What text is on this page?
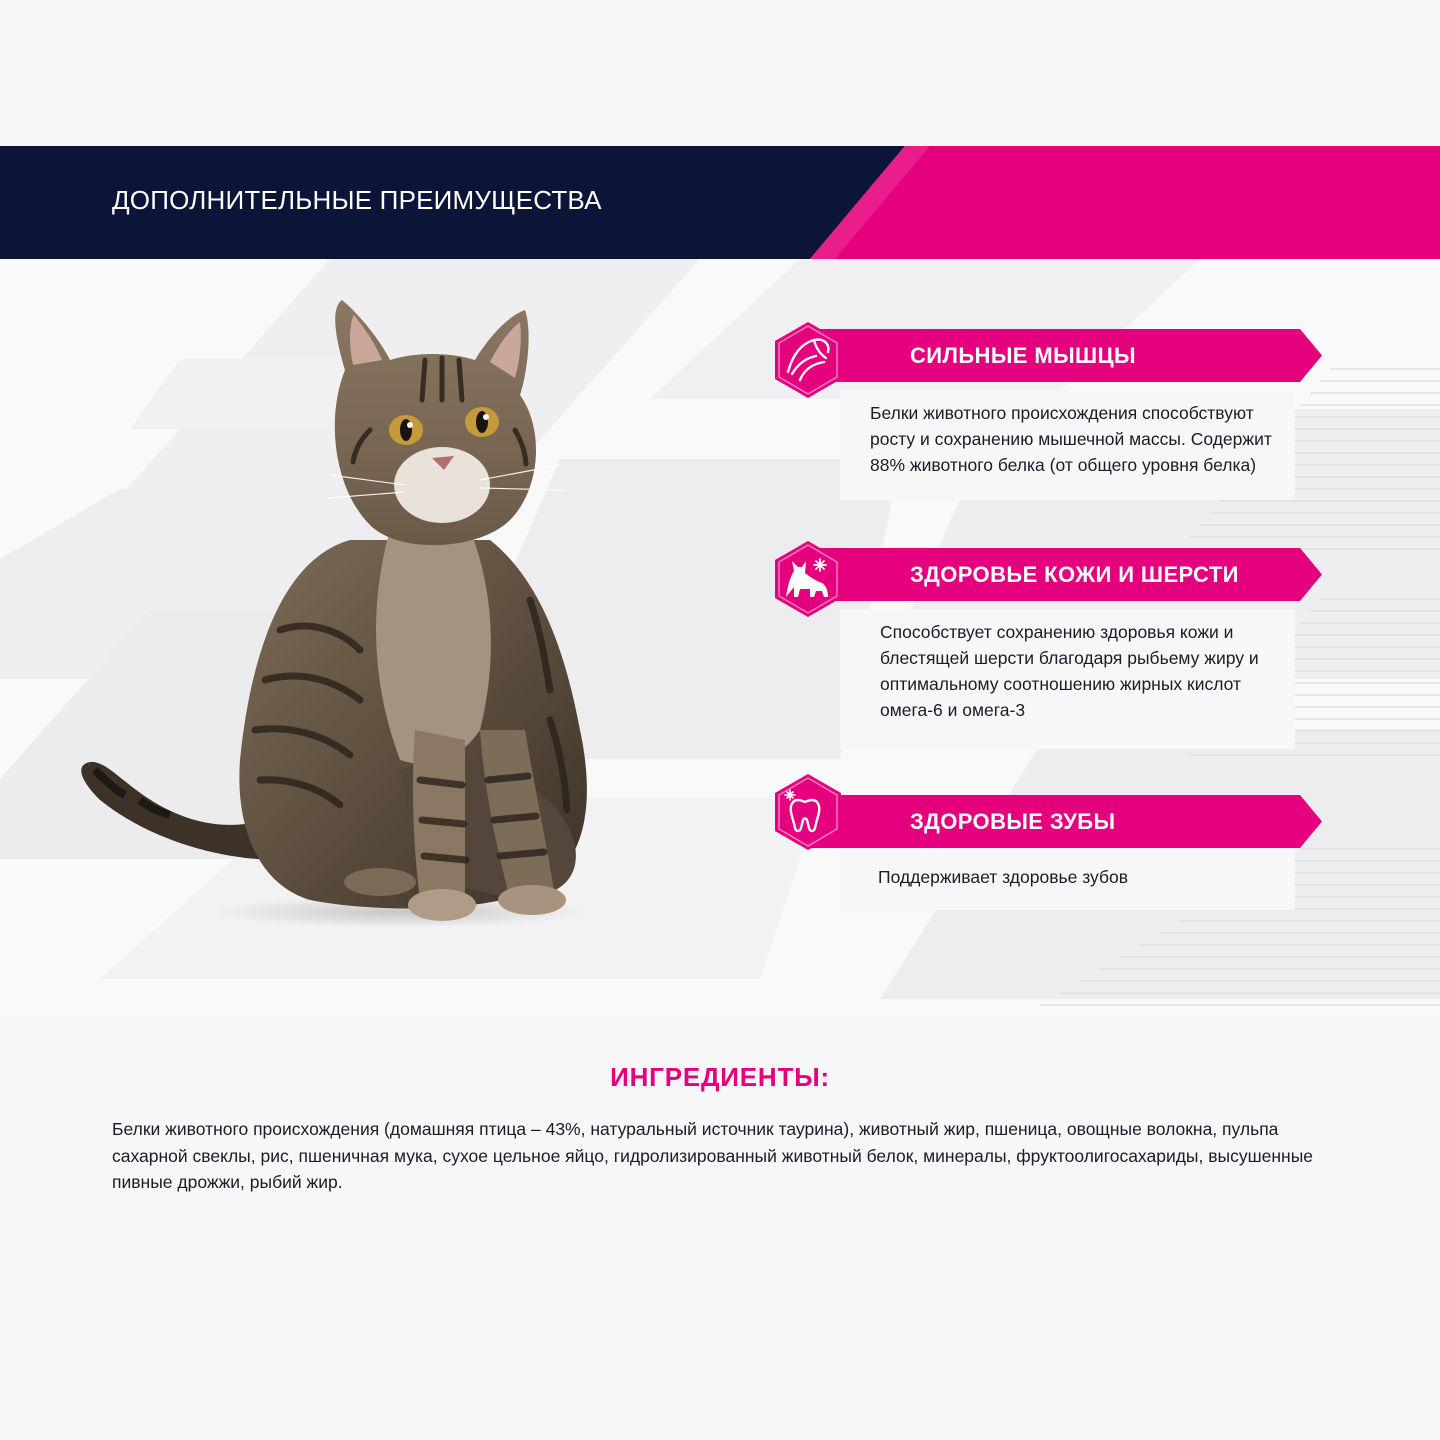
ДОПОЛНИТЕЛЬНЫЕ ПРЕИМУЩЕСТВА

Белки животного происхождения способствуют
росту и сохранению мышечной массы. Содержит
88% животного белка (от общего уровня белка)

СИЛЬНЫЕ МЫШЦЫ

Способствует сохранению здоровья кожи и
блестящей шерсти благодаря рыбьему жиру и
оптимальному соотношению жирных кислот
омега-6 и омега-3

ЗДОРОВЬЕ КОЖИ И ШЕРСТИ

Поддерживает здоровье зубов

ЗДОРОВЫЕ ЗУБЫ
ИНГРЕДИЕНТЫ:
Белки животного происхождения (домашняя птица – 43%, натуральный источник таурина), животный жир, пшеница, овощные волокна, пульпа сахарной свеклы, рис, пшеничная мука, сухое цельное яйцо, гидролизированный животный белок, минералы, фруктоолигосахариды, высушенные пивные дрожжи, рыбий жир.
